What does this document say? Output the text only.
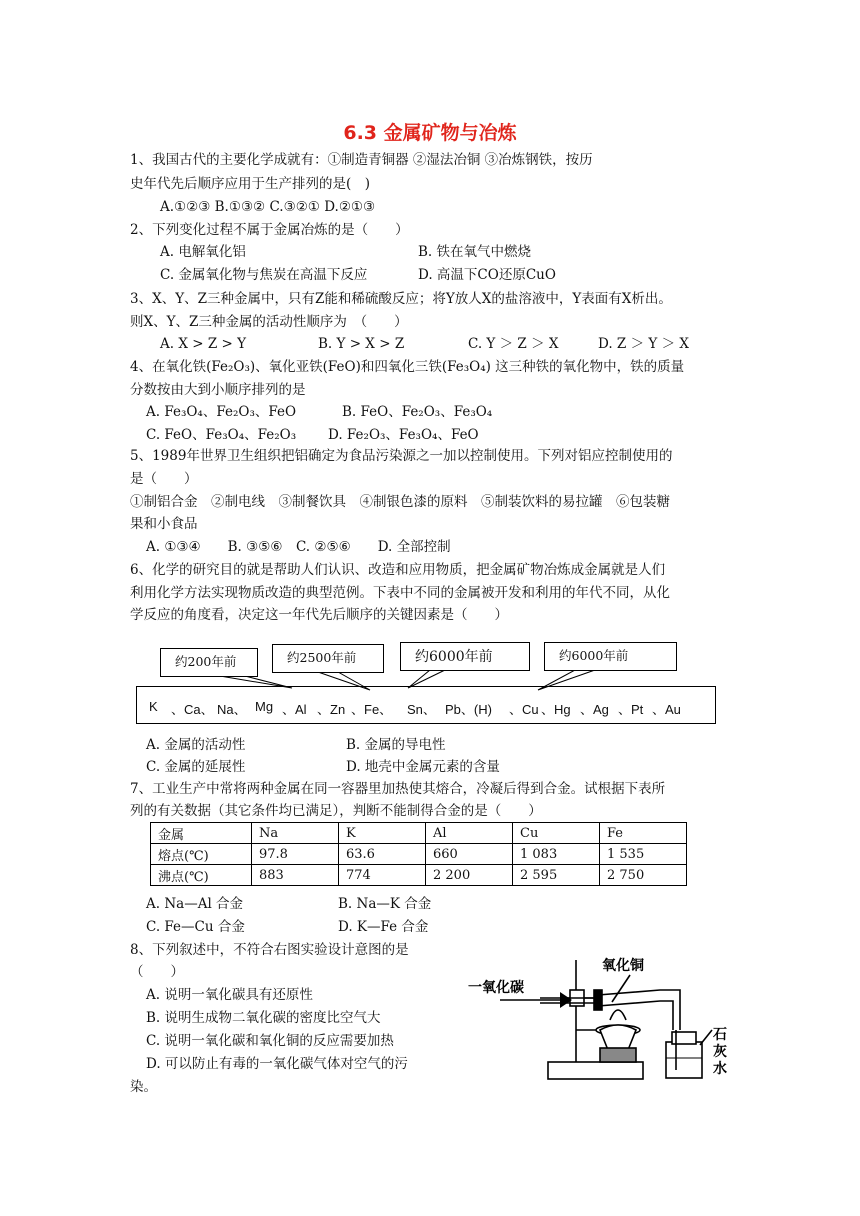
6.3 金属矿物与冶炼
1、我国古代的主要化学成就有：①制造青铜器 ②湿法冶铜 ③冶炼钢铁，按历
史年代先后顺序应用于生产排列的是(　)
A.①②③ B.①③② C.③②① D.②①③
2、下列变化过程不属于金属冶炼的是（　　）
A. 电解氧化铝	B. 铁在氧气中燃烧
C. 金属氧化物与焦炭在高温下反应	D. 高温下CO还原CuO
3、X、Y、Z三种金属中，只有Z能和稀硫酸反应；将Y放人X的盐溶液中，Y表面有X析出。
则X、Y、Z三种金属的活动性顺序为　（　　）
A. X > Z > Y	B. Y > X > Z	C. Y ＞ Z ＞ X	D. Z ＞ Y ＞ X
4、在氧化铁(Fe₂O₃)、氧化亚铁(FeO)和四氧化三铁(Fe₃O₄) 这三种铁的氧化物中，铁的质量
分数按由大到小顺序排列的是
A. Fe₃O₄、Fe₂O₃、FeO	B. FeO、Fe₂O₃、Fe₃O₄
C. FeO、Fe₃O₄、Fe₂O₃ D. Fe₂O₃、Fe₃O₄、FeO
5、1989年世界卫生组织把铝确定为食品污染源之一加以控制使用。下列对铝应控制使用的
是（　　）
①制铝合金　②制电线　③制餐饮具　④制银色漆的原料　⑤制装饮料的易拉罐　⑥包装糖
果和小食品
A. ①③④　　B. ③⑤⑥　C. ②⑤⑥　　D. 全部控制
6、化学的研究目的就是帮助人们认识、改造和应用物质，把金属矿物冶炼成金属就是人们
利用化学方法实现物质改造的典型范例。下表中不同的金属被开发和利用的年代不同，从化
学反应的角度看，决定这一年代先后顺序的关键因素是（　　）
约200年前	约2500年前	约6000年前	约6000年前
K 、Ca、 Na、 Mg 、Al 、Zn 、Fe、 Sn、 Pb、(H) 、Cu 、Hg 、Ag 、Pt 、Au
A. 金属的活动性	B. 金属的导电性
C. 金属的延展性	D. 地壳中金属元素的含量
7、工业生产中常将两种金属在同一容器里加热使其熔合，冷凝后得到合金。试根据下表所
列的有关数据（其它条件均已满足），判断不能制得合金的是（　　）
金属	Na	K	Al	Cu	Fe
熔点(℃)	97.8	63.6	660	1 083	1 535
沸点(℃)	883	774	2 200	2 595	2 750
A. Na—Al 合金	B. Na—K 合金
C. Fe—Cu 合金	D. K—Fe 合金
8、下列叙述中，不符合右图实验设计意图的是
（　　）
A. 说明一氧化碳具有还原性
B. 说明生成物二氧化碳的密度比空气大
C. 说明一氧化碳和氧化铜的反应需要加热
D. 可以防止有毒的一氧化碳气体对空气的污
染。
一氧化碳
氧化铜
石
灰
水
